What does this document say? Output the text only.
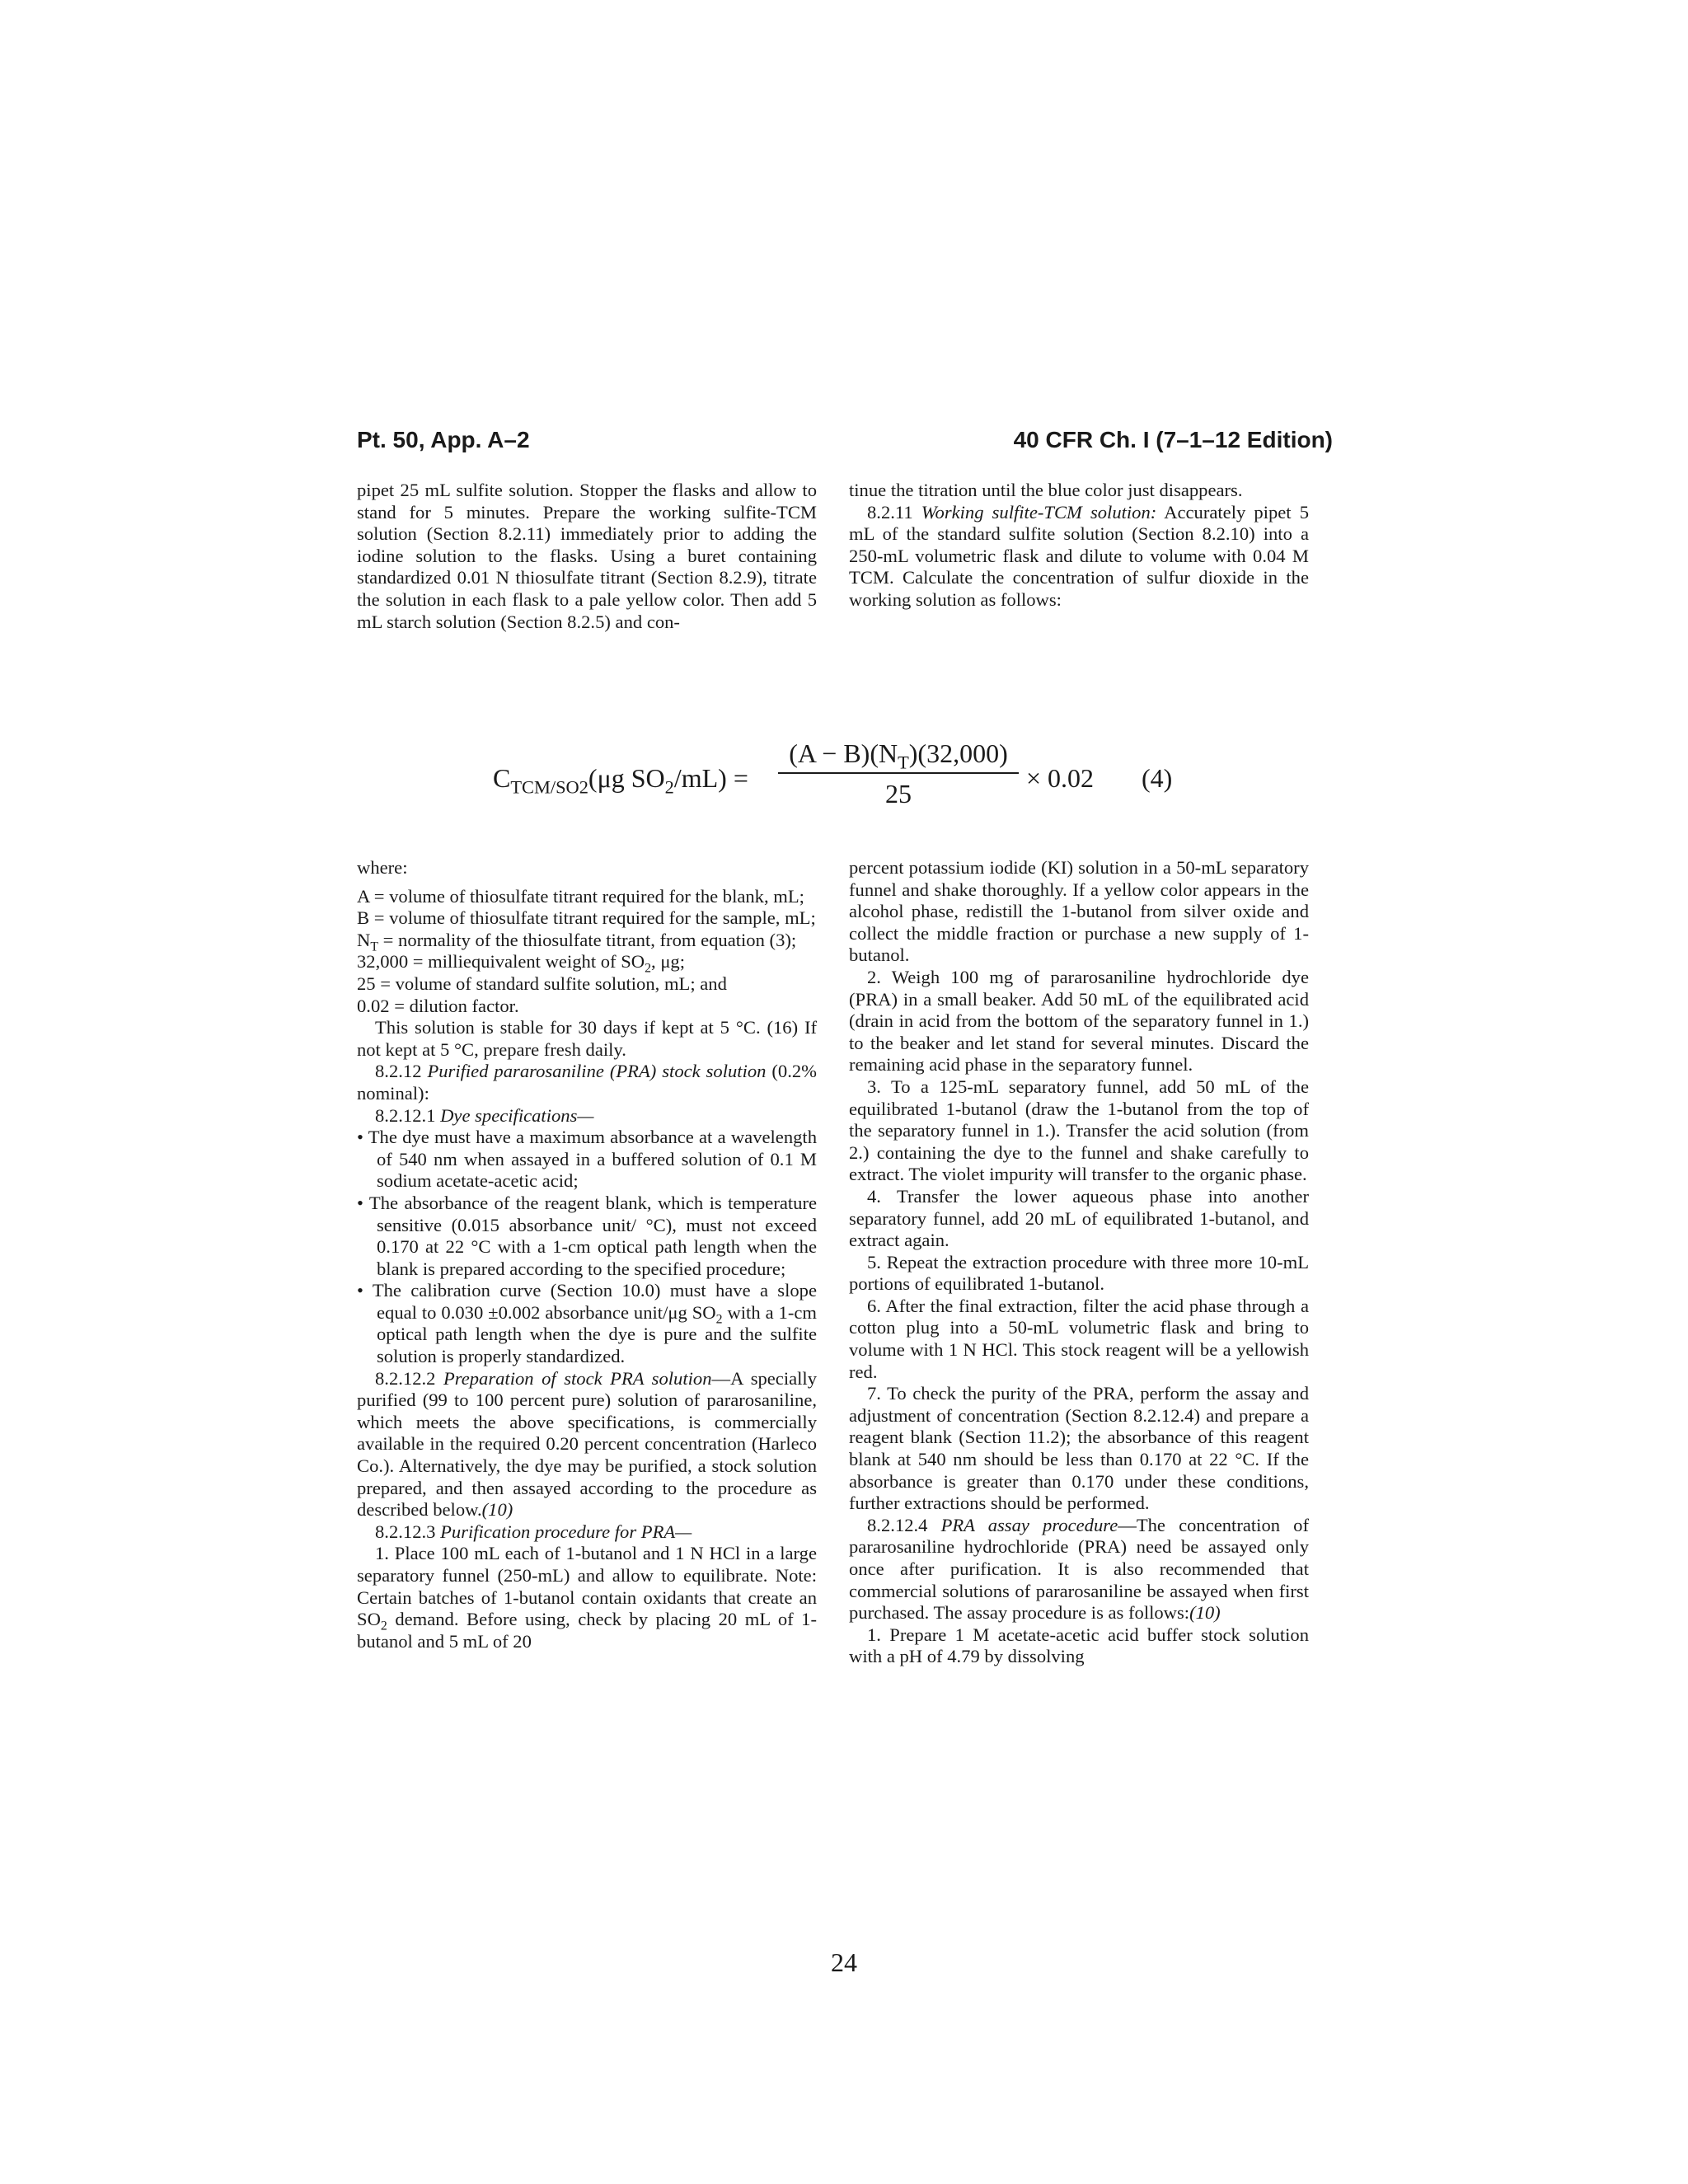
Pt. 50, App. A–2	40 CFR Ch. I (7–1–12 Edition)

pipet 25 mL sulfite solution. Stopper the flasks and allow to stand for 5 minutes. Prepare the working sulfite-TCM solution (Section 8.2.11) immediately prior to adding the iodine solution to the flasks. Using a buret containing standardized 0.01 N thiosulfate titrant (Section 8.2.9), titrate the solution in each flask to a pale yellow color. Then add 5 mL starch solution (Section 8.2.5) and con-

tinue the titration until the blue color just disappears.

8.2.11 Working sulfite-TCM solution: Accurately pipet 5 mL of the standard sulfite solution (Section 8.2.10) into a 250-mL volumetric flask and dilute to volume with 0.04 M TCM. Calculate the concentration of sulfur dioxide in the working solution as follows:

$C_{TCM/SO2}(\mu g$ $SO_2/mL$) =
$(A - B)(N_T)(32,000)$
25
× 0.02 (4)

where:

A = volume of thiosulfate titrant required for the blank, mL;

B = volume of thiosulfate titrant required for the sample, mL;

$N_T$ = normality of the thiosulfate titrant, from equation (3);

32,000 = milliequivalent weight of $SO_2$, μg;

25 = volume of standard sulfite solution, mL; and

0.02 = dilution factor.

This solution is stable for 30 days if kept at 5 °C. (16) If not kept at 5 °C, prepare fresh daily.

8.2.12 Purified pararosaniline (PRA) stock solution (0.2% nominal):

8.2.12.1 Dye specifications—

• The dye must have a maximum absorbance at a wavelength of 540 nm when assayed in a buffered solution of 0.1 M sodium acetate-acetic acid;

• The absorbance of the reagent blank, which is temperature sensitive (0.015 absorbance unit/ °C), must not exceed 0.170 at 22 °C with a 1-cm optical path length when the blank is prepared according to the specified procedure;

• The calibration curve (Section 10.0) must have a slope equal to 0.030 ±0.002 absorbance unit/μg $SO_2$ with a 1-cm optical path length when the dye is pure and the sulfite solution is properly standardized.

8.2.12.2 Preparation of stock PRA solution—A specially purified (99 to 100 percent pure) solution of pararosaniline, which meets the above specifications, is commercially available in the required 0.20 percent concentration (Harleco Co.). Alternatively, the dye may be purified, a stock solution prepared, and then assayed according to the procedure as described below.(10)

8.2.12.3 Purification procedure for PRA—

1. Place 100 mL each of 1-butanol and 1 N HCl in a large separatory funnel (250-mL) and allow to equilibrate. Note: Certain batches of 1-butanol contain oxidants that create an $SO_2$ demand. Before using, check by placing 20 mL of 1-butanol and 5 mL of 20

percent potassium iodide (KI) solution in a 50-mL separatory funnel and shake thoroughly. If a yellow color appears in the alcohol phase, redistill the 1-butanol from silver oxide and collect the middle fraction or purchase a new supply of 1-butanol.

2. Weigh 100 mg of pararosaniline hydrochloride dye (PRA) in a small beaker. Add 50 mL of the equilibrated acid (drain in acid from the bottom of the separatory funnel in 1.) to the beaker and let stand for several minutes. Discard the remaining acid phase in the separatory funnel.

3. To a 125-mL separatory funnel, add 50 mL of the equilibrated 1-butanol (draw the 1-butanol from the top of the separatory funnel in 1.). Transfer the acid solution (from 2.) containing the dye to the funnel and shake carefully to extract. The violet impurity will transfer to the organic phase.

4. Transfer the lower aqueous phase into another separatory funnel, add 20 mL of equilibrated 1-butanol, and extract again.

5. Repeat the extraction procedure with three more 10-mL portions of equilibrated 1-butanol.

6. After the final extraction, filter the acid phase through a cotton plug into a 50-mL volumetric flask and bring to volume with 1 N HCl. This stock reagent will be a yellowish red.

7. To check the purity of the PRA, perform the assay and adjustment of concentration (Section 8.2.12.4) and prepare a reagent blank (Section 11.2); the absorbance of this reagent blank at 540 nm should be less than 0.170 at 22 °C. If the absorbance is greater than 0.170 under these conditions, further extractions should be performed.

8.2.12.4 PRA assay procedure—The concentration of pararosaniline hydrochloride (PRA) need be assayed only once after purification. It is also recommended that commercial solutions of pararosaniline be assayed when first purchased. The assay procedure is as follows:(10)

1. Prepare 1 M acetate-acetic acid buffer stock solution with a pH of 4.79 by dissolving

24
